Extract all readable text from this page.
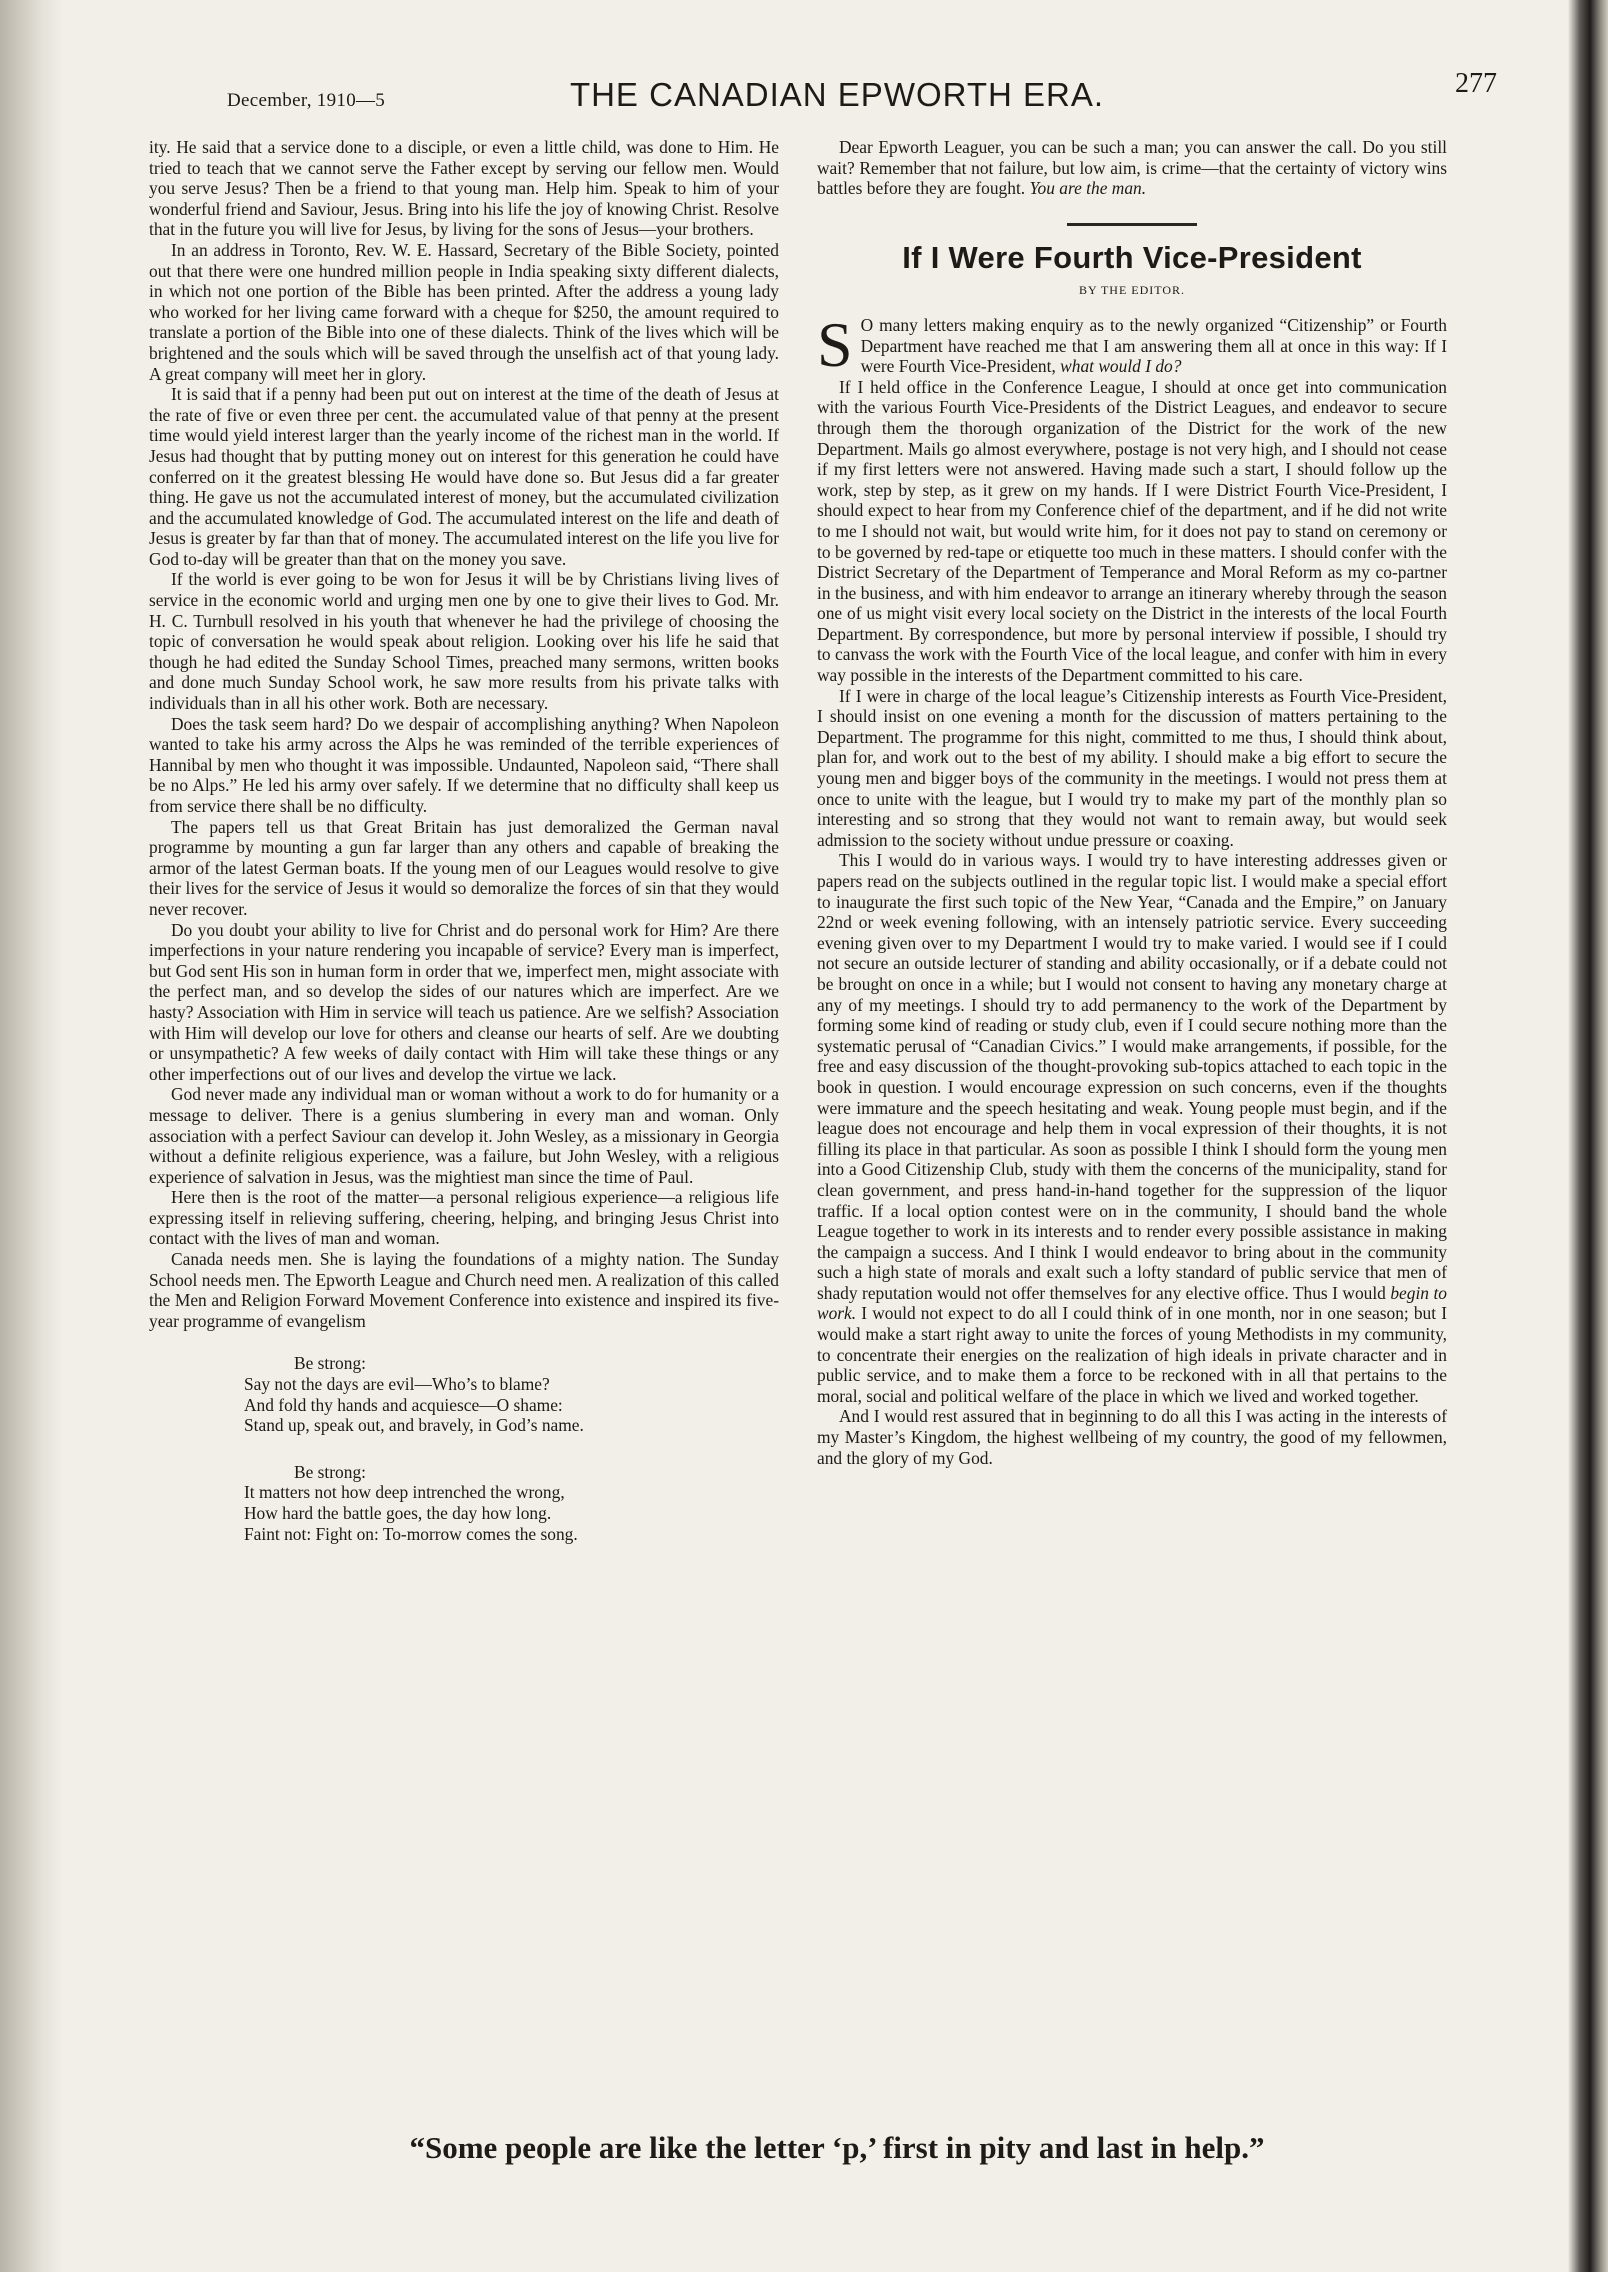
December, 1910—5	THE CANADIAN EPWORTH ERA.	277

ity. He said that a service done to a disciple, or even a little child, was done to Him. He tried to teach that we cannot serve the Father except by serving our fellow men. Would you serve Jesus? Then be a friend to that young man. Help him. Speak to him of your wonderful friend and Saviour, Jesus. Bring into his life the joy of knowing Christ. Resolve that in the future you will live for Jesus, by living for the sons of Jesus—your brothers.

In an address in Toronto, Rev. W. E. Hassard, Secretary of the Bible Society, pointed out that there were one hundred million people in India speaking sixty different dialects, in which not one portion of the Bible has been printed. After the address a young lady who worked for her living came forward with a cheque for $250, the amount required to translate a portion of the Bible into one of these dialects. Think of the lives which will be brightened and the souls which will be saved through the unselfish act of that young lady. A great company will meet her in glory.

It is said that if a penny had been put out on interest at the time of the death of Jesus at the rate of five or even three per cent. the accumulated value of that penny at the present time would yield interest larger than the yearly income of the richest man in the world. If Jesus had thought that by putting money out on interest for this generation he could have conferred on it the greatest blessing He would have done so. But Jesus did a far greater thing. He gave us not the accumulated interest of money, but the accumulated civilization and the accumulated knowledge of God. The accumulated interest on the life and death of Jesus is greater by far than that of money. The accumulated interest on the life you live for God to-day will be greater than that on the money you save.

If the world is ever going to be won for Jesus it will be by Christians living lives of service in the economic world and urging men one by one to give their lives to God. Mr. H. C. Turnbull resolved in his youth that whenever he had the privilege of choosing the topic of conversation he would speak about religion. Looking over his life he said that though he had edited the Sunday School Times, preached many sermons, written books and done much Sunday School work, he saw more results from his private talks with individuals than in all his other work. Both are necessary.

Does the task seem hard? Do we despair of accomplishing anything? When Napoleon wanted to take his army across the Alps he was reminded of the terrible experiences of Hannibal by men who thought it was impossible. Undaunted, Napoleon said, “There shall be no Alps.” He led his army over safely. If we determine that no difficulty shall keep us from service there shall be no difficulty.

The papers tell us that Great Britain has just demoralized the German naval programme by mounting a gun far larger than any others and capable of breaking the armor of the latest German boats. If the young men of our Leagues would resolve to give their lives for the service of Jesus it would so demoralize the forces of sin that they would never recover.

Do you doubt your ability to live for Christ and do personal work for Him? Are there imperfections in your nature rendering you incapable of service? Every man is imperfect, but God sent His son in human form in order that we, imperfect men, might associate with the perfect man, and so develop the sides of our natures which are imperfect. Are we hasty? Association with Him in service will teach us patience. Are we selfish? Association with Him will develop our love for others and cleanse our hearts of self. Are we doubting or unsympathetic? A few weeks of daily contact with Him will take these things or any other imperfections out of our lives and develop the virtue we lack.

God never made any individual man or woman without a work to do for humanity or a message to deliver. There is a genius slumbering in every man and woman. Only association with a perfect Saviour can develop it. John Wesley, as a missionary in Georgia without a definite religious experience, was a failure, but John Wesley, with a religious experience of salvation in Jesus, was the mightiest man since the time of Paul.

Here then is the root of the matter—a personal religious experience—a religious life expressing itself in relieving suffering, cheering, helping, and bringing Jesus Christ into contact with the lives of man and woman.

Canada needs men. She is laying the foundations of a mighty nation. The Sunday School needs men. The Epworth League and Church need men. A realization of this called the Men and Religion Forward Movement Conference into existence and inspired its five-year programme of evangelism

Be strong:
Say not the days are evil—Who’s to blame?
And fold thy hands and acquiesce—O shame:
Stand up, speak out, and bravely, in God’s name.
Be strong:
It matters not how deep intrenched the wrong,
How hard the battle goes, the day how long.
Faint not: Fight on: To-morrow comes the song.

Dear Epworth Leaguer, you can be such a man; you can answer the call. Do you still wait? Remember that not failure, but low aim, is crime—that the certainty of victory wins battles before they are fought. You are the man.

If I Were Fourth Vice-President
BY THE EDITOR.

S O many letters making enquiry as to the newly organized “Citizenship” or Fourth Department have reached me that I am answering them all at once in this way: If I were Fourth Vice-President, what would I do?

If I held office in the Conference League, I should at once get into communication with the various Fourth Vice-Presidents of the District Leagues, and endeavor to secure through them the thorough organization of the District for the work of the new Department. Mails go almost everywhere, postage is not very high, and I should not cease if my first letters were not answered. Having made such a start, I should follow up the work, step by step, as it grew on my hands. If I were District Fourth Vice-President, I should expect to hear from my Conference chief of the department, and if he did not write to me I should not wait, but would write him, for it does not pay to stand on ceremony or to be governed by red-tape or etiquette too much in these matters. I should confer with the District Secretary of the Department of Temperance and Moral Reform as my co-partner in the business, and with him endeavor to arrange an itinerary whereby through the season one of us might visit every local society on the District in the interests of the local Fourth Department. By correspondence, but more by personal interview if possible, I should try to canvass the work with the Fourth Vice of the local league, and confer with him in every way possible in the interests of the Department committed to his care.

If I were in charge of the local league’s Citizenship interests as Fourth Vice-President, I should insist on one evening a month for the discussion of matters pertaining to the Department. The programme for this night, committed to me thus, I should think about, plan for, and work out to the best of my ability. I should make a big effort to secure the young men and bigger boys of the community in the meetings. I would not press them at once to unite with the league, but I would try to make my part of the monthly plan so interesting and so strong that they would not want to remain away, but would seek admission to the society without undue pressure or coaxing.

This I would do in various ways. I would try to have interesting addresses given or papers read on the subjects outlined in the regular topic list. I would make a special effort to inaugurate the first such topic of the New Year, “Canada and the Empire,” on January 22nd or week evening following, with an intensely patriotic service. Every succeeding evening given over to my Department I would try to make varied. I would see if I could not secure an outside lecturer of standing and ability occasionally, or if a debate could not be brought on once in a while; but I would not consent to having any monetary charge at any of my meetings. I should try to add permanency to the work of the Department by forming some kind of reading or study club, even if I could secure nothing more than the systematic perusal of “Canadian Civics.” I would make arrangements, if possible, for the free and easy discussion of the thought-provoking sub-topics attached to each topic in the book in question. I would encourage expression on such concerns, even if the thoughts were immature and the speech hesitating and weak. Young people must begin, and if the league does not encourage and help them in vocal expression of their thoughts, it is not filling its place in that particular. As soon as possible I think I should form the young men into a Good Citizenship Club, study with them the concerns of the municipality, stand for clean government, and press hand-in-hand together for the suppression of the liquor traffic. If a local option contest were on in the community, I should band the whole League together to work in its interests and to render every possible assistance in making the campaign a success. And I think I would endeavor to bring about in the community such a high state of morals and exalt such a lofty standard of public service that men of shady reputation would not offer themselves for any elective office. Thus I would begin to work. I would not expect to do all I could think of in one month, nor in one season; but I would make a start right away to unite the forces of young Methodists in my community, to concentrate their energies on the realization of high ideals in private character and in public service, and to make them a force to be reckoned with in all that pertains to the moral, social and political welfare of the place in which we lived and worked together.

And I would rest assured that in beginning to do all this I was acting in the interests of my Master’s Kingdom, the highest wellbeing of my country, the good of my fellowmen, and the glory of my God.

“Some people are like the letter ‘p,’ first in pity and last in help.”
